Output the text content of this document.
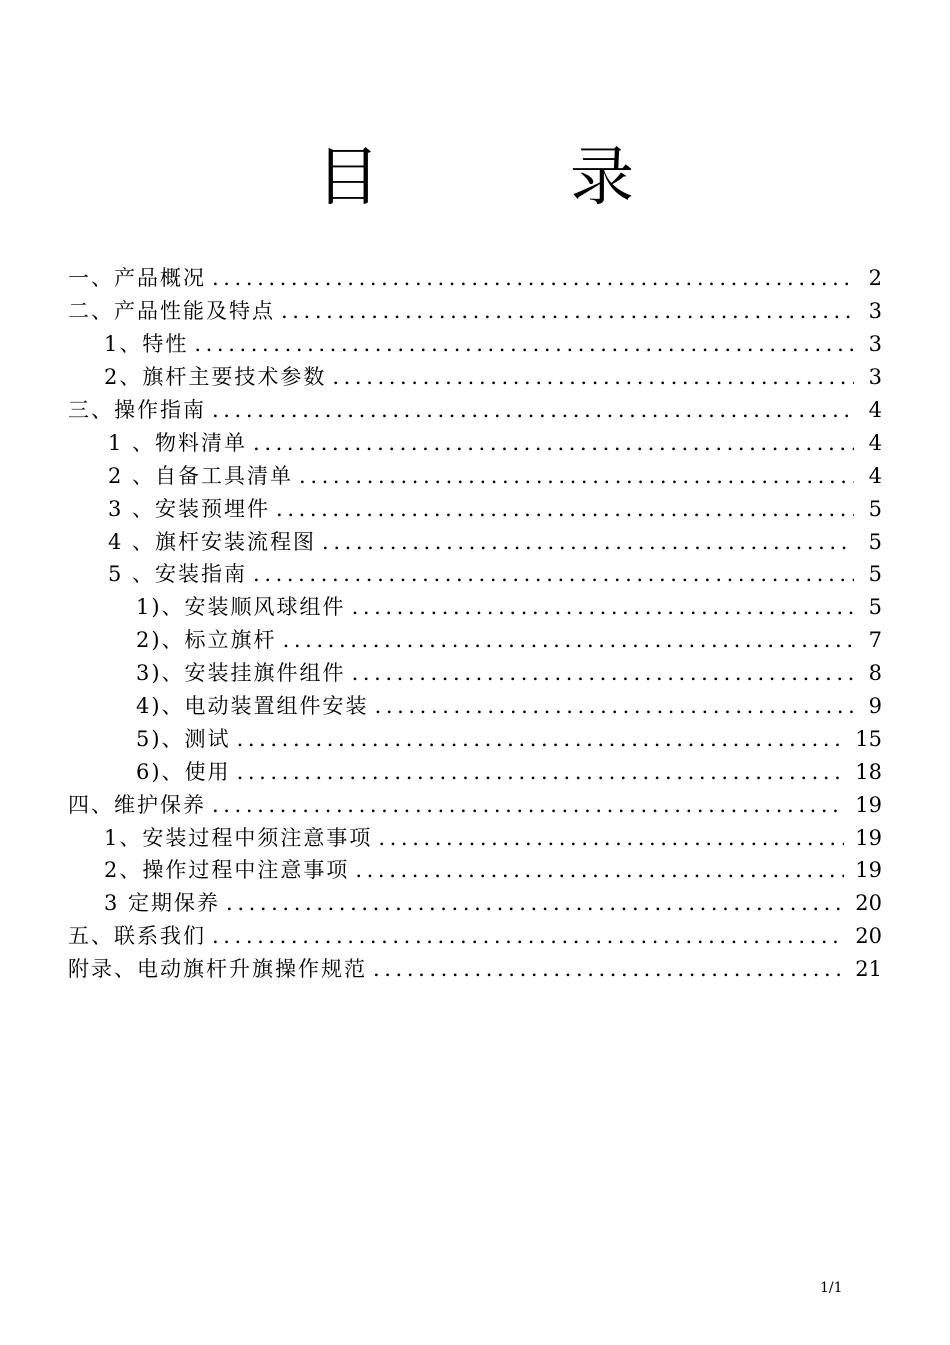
目	录
一、产品概况 .....	2
二、产品性能及特点 .....	3
1、特性 .....	3
2、旗杆主要技术参数 .....	3
三、操作指南 .....	4
1 、物料清单 .....	4
2 、自备工具清单 .....	4
3 、安装预埋件 .....	5
4 、旗杆安装流程图 .....	5
5 、安装指南 .....	5
1)、安装顺风球组件 .....	5
2)、标立旗杆 .....	7
3)、安装挂旗件组件 .....	8
4)、电动装置组件安装 .....	9
5)、测试 .....	15
6)、使用 .....	18
四、维护保养 .....	19
1、安装过程中须注意事项 .....	19
2、操作过程中注意事项 .....	19
3 定期保养 .....	20
五、联系我们 .....	20
附录、电动旗杆升旗操作规范 .....	21
1/1
